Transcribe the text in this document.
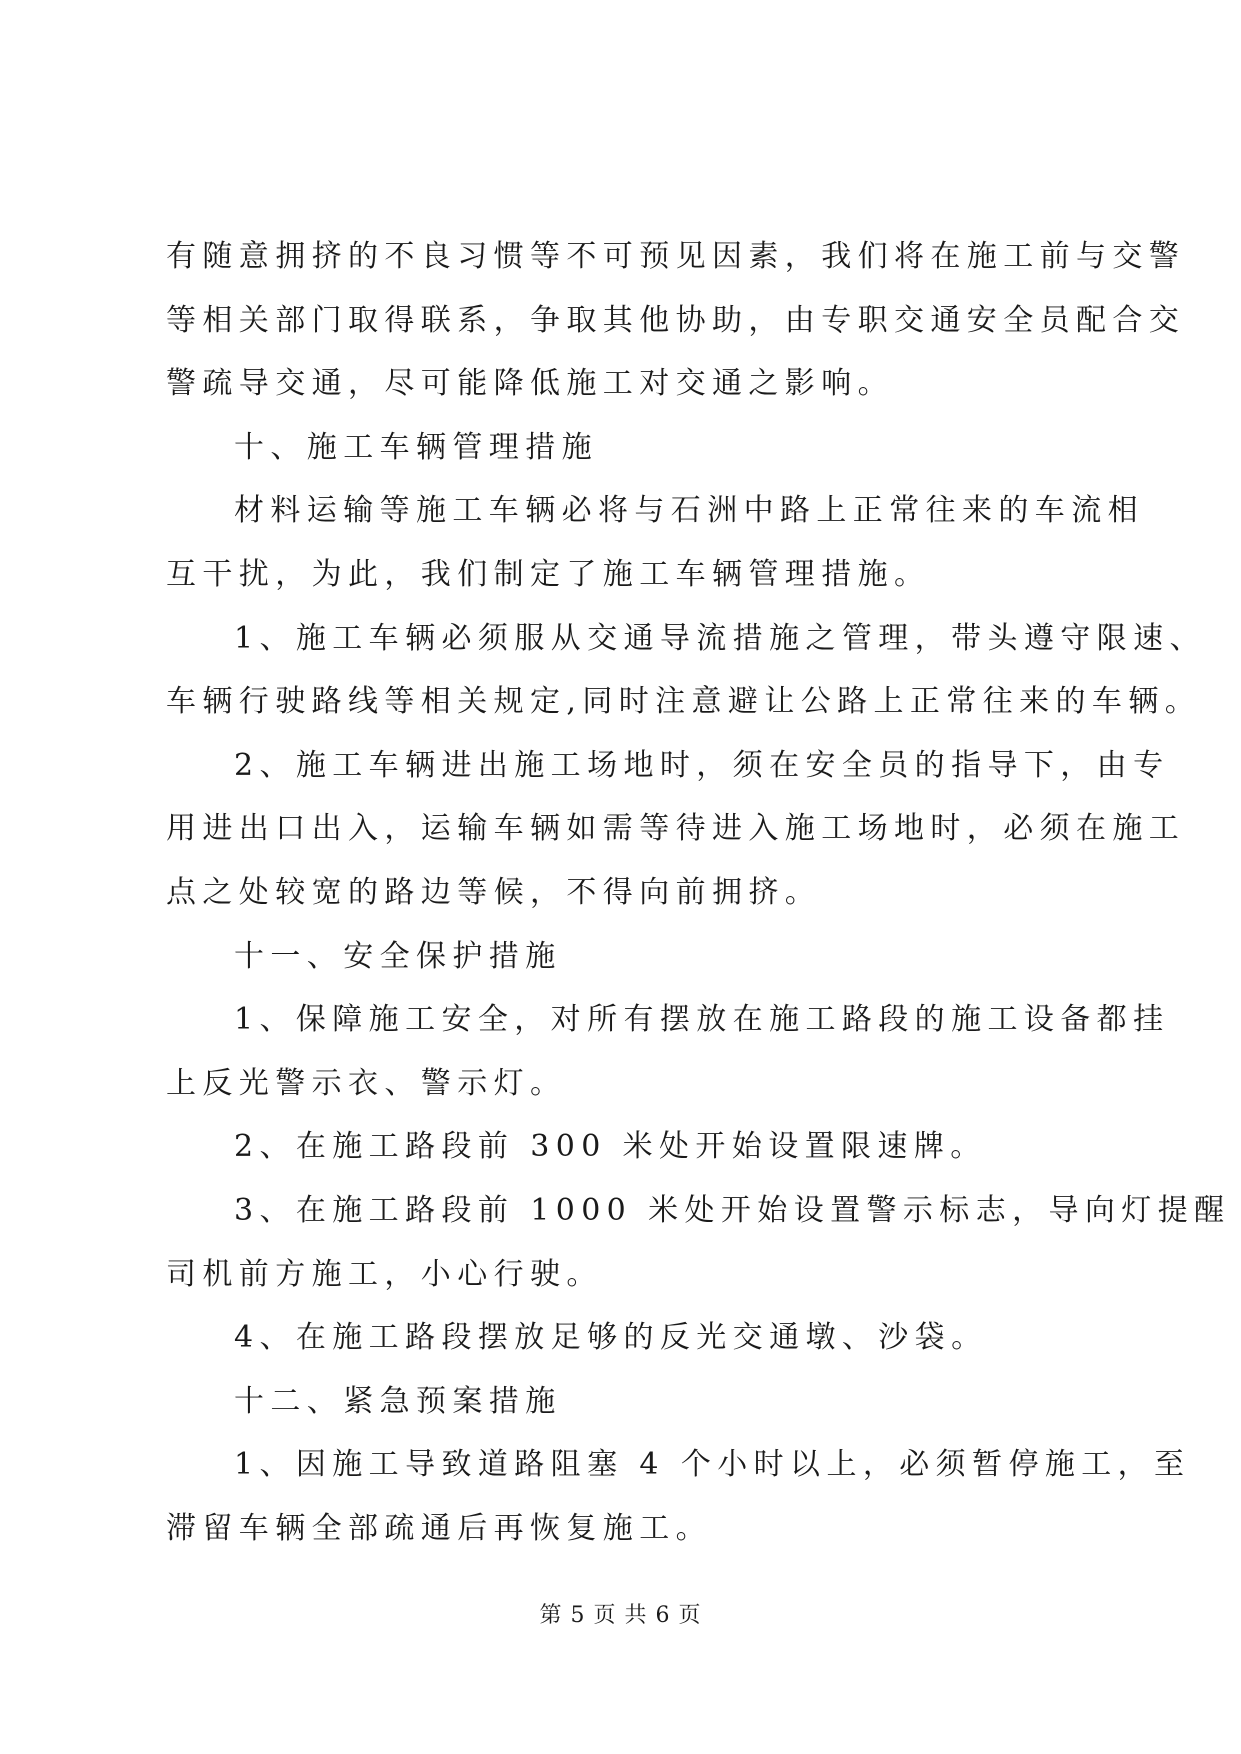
有随意拥挤的不良习惯等不可预见因素，我们将在施工前与交警
等相关部门取得联系，争取其他协助，由专职交通安全员配合交
警疏导交通，尽可能降低施工对交通之影响。
十、施工车辆管理措施
材料运输等施工车辆必将与石洲中路上正常往来的车流相
互干扰，为此，我们制定了施工车辆管理措施。
1、施工车辆必须服从交通导流措施之管理，带头遵守限速、
车辆行驶路线等相关规定,同时注意避让公路上正常往来的车辆。
2、施工车辆进出施工场地时，须在安全员的指导下，由专
用进出口出入，运输车辆如需等待进入施工场地时，必须在施工
点之处较宽的路边等候，不得向前拥挤。
十一、安全保护措施
1、保障施工安全，对所有摆放在施工路段的施工设备都挂
上反光警示衣、警示灯。
2、在施工路段前 300 米处开始设置限速牌。
3、在施工路段前 1000 米处开始设置警示标志，导向灯提醒
司机前方施工，小心行驶。
4、在施工路段摆放足够的反光交通墩、沙袋。
十二、紧急预案措施
1、因施工导致道路阻塞 4 个小时以上，必须暂停施工，至
滞留车辆全部疏通后再恢复施工。
第 5 页 共 6 页
